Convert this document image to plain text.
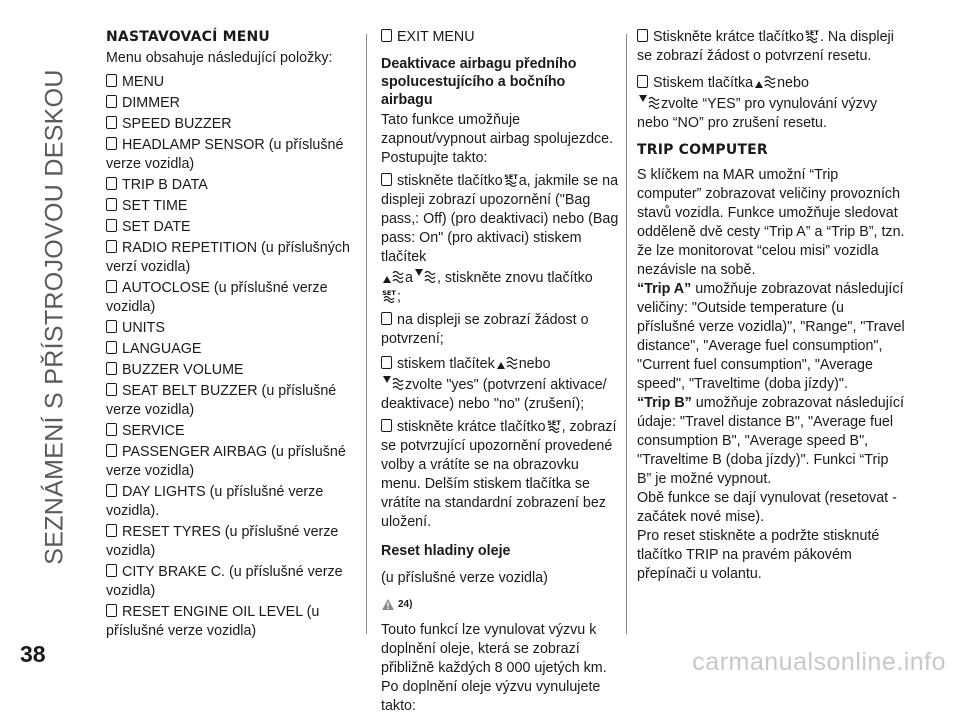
SEZNÁMENÍ S PŘÍSTROJOVOU DESKOU

NASTAVOVACÍ MENU

Menu obsahuje následující položky:

MENU

DIMMER

SPEED BUZZER

HEADLAMP SENSOR (u příslušné verze vozidla)

TRIP B DATA

SET TIME

SET DATE

RADIO REPETITION (u příslušných verzí vozidla)

AUTOCLOSE (u příslušné verze vozidla)

UNITS

LANGUAGE

BUZZER VOLUME

SEAT BELT BUZZER (u příslušné verze vozidla)

SERVICE

PASSENGER AIRBAG (u příslušné verze vozidla)

DAY LIGHTS (u příslušné verze vozidla).

RESET TYRES (u příslušné verze vozidla)

CITY BRAKE C. (u příslušné verze vozidla)

RESET ENGINE OIL LEVEL (u příslušné verze vozidla)

EXIT MENU

Deaktivace airbagu předního spolucestujícího a bočního airbagu

Tato funkce umožňuje zapnout/vypnout airbag spolujezdce.

Postupujte takto:

stiskněte tlačítko SET a, jakmile se na displeji zobrazí upozornění ("Bag pass,: Off) (pro deaktivaci) nebo (Bag pass: On" (pro aktivaci) stiskem tlačítek
a , stiskněte znovu tlačítko

SET ;

na displeji se zobrazí žádost o potvrzení;

stiskem tlačítek nebo
zvolte "yes" (potvrzení aktivace/ deaktivace) nebo "no" (zrušení);

stiskněte krátce tlačítko SET , zobrazí se potvrzující upozornění provedené volby a vrátíte se na obrazovku menu. Delším stiskem tlačítka se vrátíte na standardní zobrazení bez uložení.

Reset hladiny oleje

(u příslušné verze vozidla)

24)

Touto funkcí lze vynulovat výzvu k doplnění oleje, která se zobrazí přibližně každých 8 000 ujetých km.

Po doplnění oleje výzvu vynulujete takto:

Stiskněte krátce tlačítko SET . Na displeji se zobrazí žádost o potvrzení resetu.

Stiskem tlačítka nebo
zvolte “YES” pro vynulování výzvy nebo “NO” pro zrušení resetu.

TRIP COMPUTER

S klíčkem na MAR umožní “Trip computer” zobrazovat veličiny provozních stavů vozidla. Funkce umožňuje sledovat odděleně dvě cesty “Trip A” a “Trip B”, tzn. že lze monitorovat “celou misi” vozidla nezávisle na sobě.

“Trip A” umožňuje zobrazovat následující veličiny: "Outside temperature (u příslušné verze vozidla)", "Range", "Travel distance", "Average fuel consumption", "Current fuel consumption", "Average speed", "Traveltime (doba jízdy)".

“Trip B” umožňuje zobrazovat následující údaje: "Travel distance B", "Average fuel consumption B", "Average speed B", "Traveltime B (doba jízdy)". Funkci “Trip B” je možné vypnout.

Obě funkce se dají vynulovat (resetovat - začátek nové mise).

Pro reset stiskněte a podržte stisknuté tlačítko TRIP na pravém pákovém přepínači u volantu.

38	carmanualsonline.info
